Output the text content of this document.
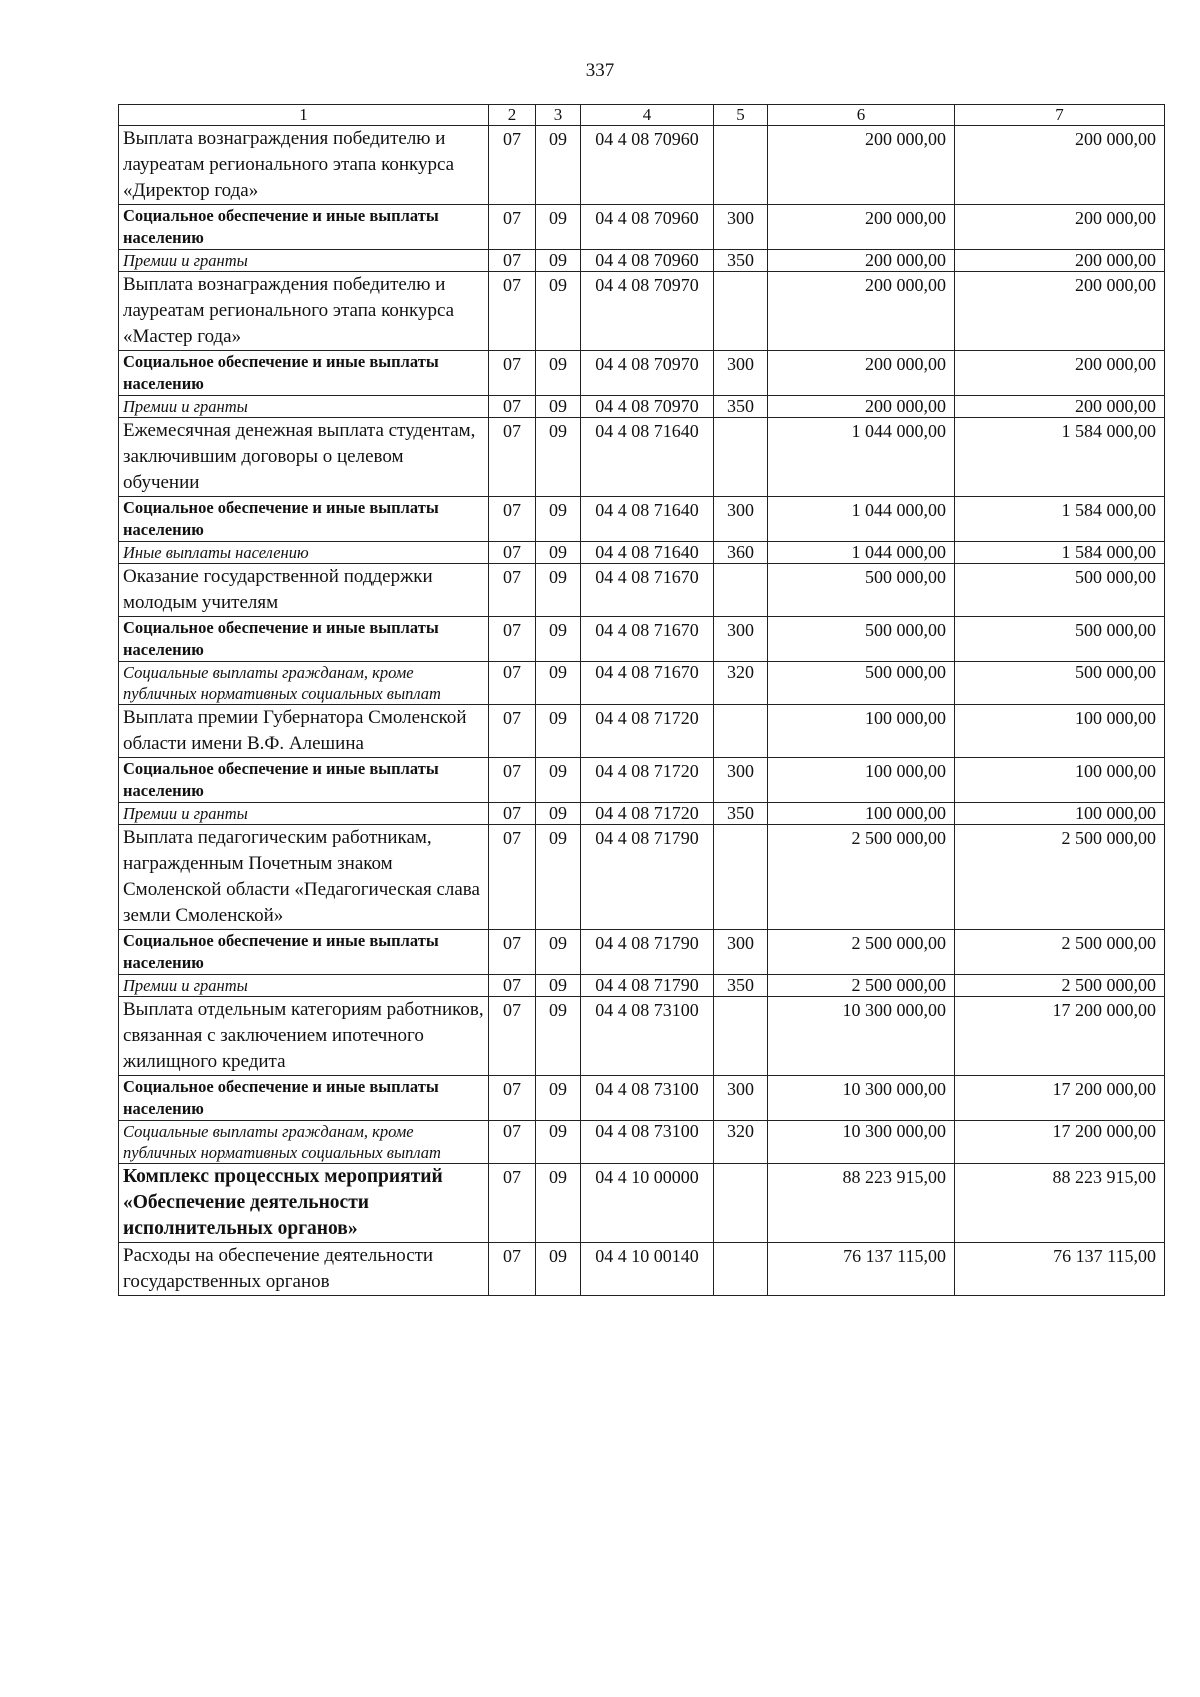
337
1	2	3	4	5	6	7
Выплата вознаграждения победителю и лауреатам регионального этапа конкурса «Директор года»	07	09	04 4 08 70960		200 000,00	200 000,00
Социальное обеспечение и иные выплаты населению	07	09	04 4 08 70960	300	200 000,00	200 000,00
Премии и гранты	07	09	04 4 08 70960	350	200 000,00	200 000,00
Выплата вознаграждения победителю и лауреатам регионального этапа конкурса «Мастер года»	07	09	04 4 08 70970		200 000,00	200 000,00
Социальное обеспечение и иные выплаты населению	07	09	04 4 08 70970	300	200 000,00	200 000,00
Премии и гранты	07	09	04 4 08 70970	350	200 000,00	200 000,00
Ежемесячная денежная выплата студентам, заключившим договоры о целевом обучении	07	09	04 4 08 71640		1 044 000,00	1 584 000,00
Социальное обеспечение и иные выплаты населению	07	09	04 4 08 71640	300	1 044 000,00	1 584 000,00
Иные выплаты населению	07	09	04 4 08 71640	360	1 044 000,00	1 584 000,00
Оказание государственной поддержки молодым учителям	07	09	04 4 08 71670		500 000,00	500 000,00
Социальное обеспечение и иные выплаты населению	07	09	04 4 08 71670	300	500 000,00	500 000,00
Социальные выплаты гражданам, кроме публичных нормативных социальных выплат	07	09	04 4 08 71670	320	500 000,00	500 000,00
Выплата премии Губернатора Смоленской области имени В.Ф. Алешина	07	09	04 4 08 71720		100 000,00	100 000,00
Социальное обеспечение и иные выплаты населению	07	09	04 4 08 71720	300	100 000,00	100 000,00
Премии и гранты	07	09	04 4 08 71720	350	100 000,00	100 000,00
Выплата педагогическим работникам, награжденным Почетным знаком Смоленской области «Педагогическая слава земли Смоленской»	07	09	04 4 08 71790		2 500 000,00	2 500 000,00
Социальное обеспечение и иные выплаты населению	07	09	04 4 08 71790	300	2 500 000,00	2 500 000,00
Премии и гранты	07	09	04 4 08 71790	350	2 500 000,00	2 500 000,00
Выплата отдельным категориям работников, связанная с заключением ипотечного жилищного кредита	07	09	04 4 08 73100		10 300 000,00	17 200 000,00
Социальное обеспечение и иные выплаты населению	07	09	04 4 08 73100	300	10 300 000,00	17 200 000,00
Социальные выплаты гражданам, кроме публичных нормативных социальных выплат	07	09	04 4 08 73100	320	10 300 000,00	17 200 000,00
Комплекс процессных мероприятий «Обеспечение деятельности исполнительных органов»	07	09	04 4 10 00000		88 223 915,00	88 223 915,00
Расходы на обеспечение деятельности государственных органов	07	09	04 4 10 00140		76 137 115,00	76 137 115,00
